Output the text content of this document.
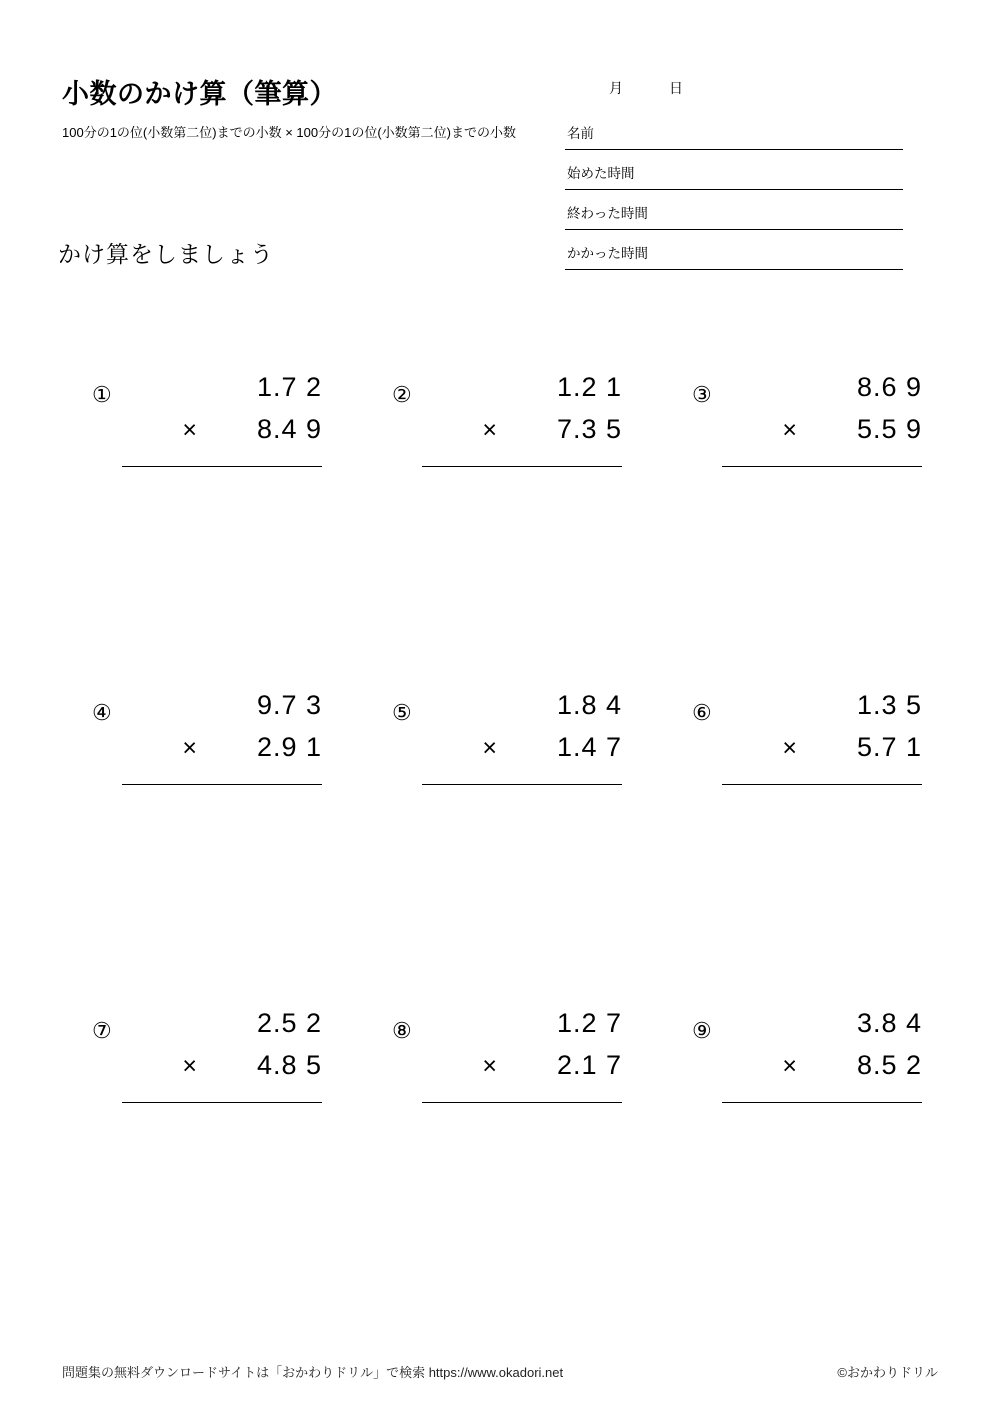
小数のかけ算（筆算）
100分の1の位(小数第二位)までの小数 × 100分の1の位(小数第二位)までの小数
かけ算をしましょう
月	日
名前
始めた時間
終わった時間
かかった時間
①	1.7 2
×	8.4 9
②	1.2 1
×	7.3 5
③	8.6 9
×	5.5 9
④	9.7 3
×	2.9 1
⑤	1.8 4
×	1.4 7
⑥	1.3 5
×	5.7 1
⑦	2.5 2
×	4.8 5
⑧	1.2 7
×	2.1 7
⑨	3.8 4
×	8.5 2
問題集の無料ダウンロードサイトは「おかわりドリル」で検索 https://www.okadori.net	©おかわりドリル
